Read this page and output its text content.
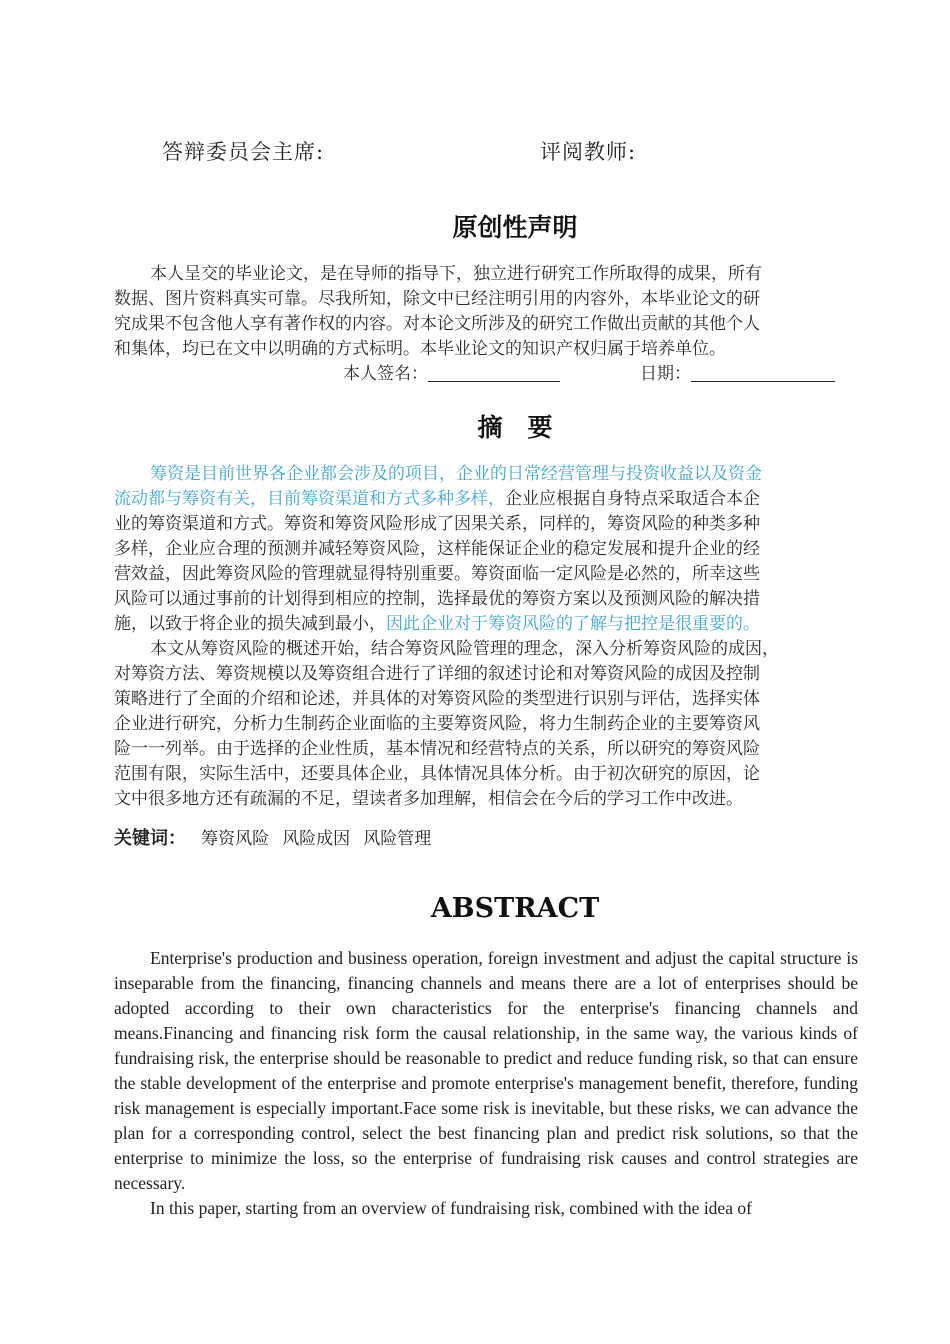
答辩委员会主席:	评阅教师:
原创性声明
本人呈交的毕业论文，是在导师的指导下，独立进行研究工作所取得的成果，所有
数据、图片资料真实可靠。尽我所知，除文中已经注明引用的内容外，本毕业论文的研
究成果不包含他人享有著作权的内容。对本论文所涉及的研究工作做出贡献的其他个人
和集体，均已在文中以明确的方式标明。本毕业论文的知识产权归属于培养单位。
本人签名：	日期：
摘　要
筹资是目前世界各企业都会涉及的项目，企业的日常经营管理与投资收益以及资金
流动都与筹资有关，目前筹资渠道和方式多种多样，企业应根据自身特点采取适合本企
业的筹资渠道和方式。筹资和筹资风险形成了因果关系，同样的，筹资风险的种类多种
多样，企业应合理的预测并减轻筹资风险，这样能保证企业的稳定发展和提升企业的经
营效益，因此筹资风险的管理就显得特别重要。筹资面临一定风险是必然的，所幸这些
风险可以通过事前的计划得到相应的控制，选择最优的筹资方案以及预测风险的解决措
施，以致于将企业的损失减到最小，因此企业对于筹资风险的了解与把控是很重要的。
本文从筹资风险的概述开始，结合筹资风险管理的理念，深入分析筹资风险的成因，
对筹资方法、筹资规模以及筹资组合进行了详细的叙述讨论和对筹资风险的成因及控制
策略进行了全面的介绍和论述，并具体的对筹资风险的类型进行识别与评估，选择实体
企业进行研究，分析力生制药企业面临的主要筹资风险，将力生制药企业的主要筹资风
险一一列举。由于选择的企业性质，基本情况和经营特点的关系，所以研究的筹资风险
范围有限，实际生活中，还要具体企业，具体情况具体分析。由于初次研究的原因，论
文中很多地方还有疏漏的不足，望读者多加理解，相信会在今后的学习工作中改进。
关键词： 筹资风险 风险成因 风险管理
ABSTRACT
Enterprise's production and business operation, foreign investment and adjust the capital structure is inseparable from the financing, financing channels and means there are a lot of enterprises should be adopted according to their own characteristics for the enterprise's financing channels and means.Financing and financing risk form the causal relationship, in the same way, the various kinds of fundraising risk, the enterprise should be reasonable to predict and reduce funding risk, so that can ensure the stable development of the enterprise and promote enterprise's management benefit, therefore, funding risk management is especially important.Face some risk is inevitable, but these risks, we can advance the plan for a corresponding control, select the best financing plan and predict risk solutions, so that the enterprise to minimize the loss, so the enterprise of fundraising risk causes and control strategies are necessary.
In this paper, starting from an overview of fundraising risk, combined with the idea of
